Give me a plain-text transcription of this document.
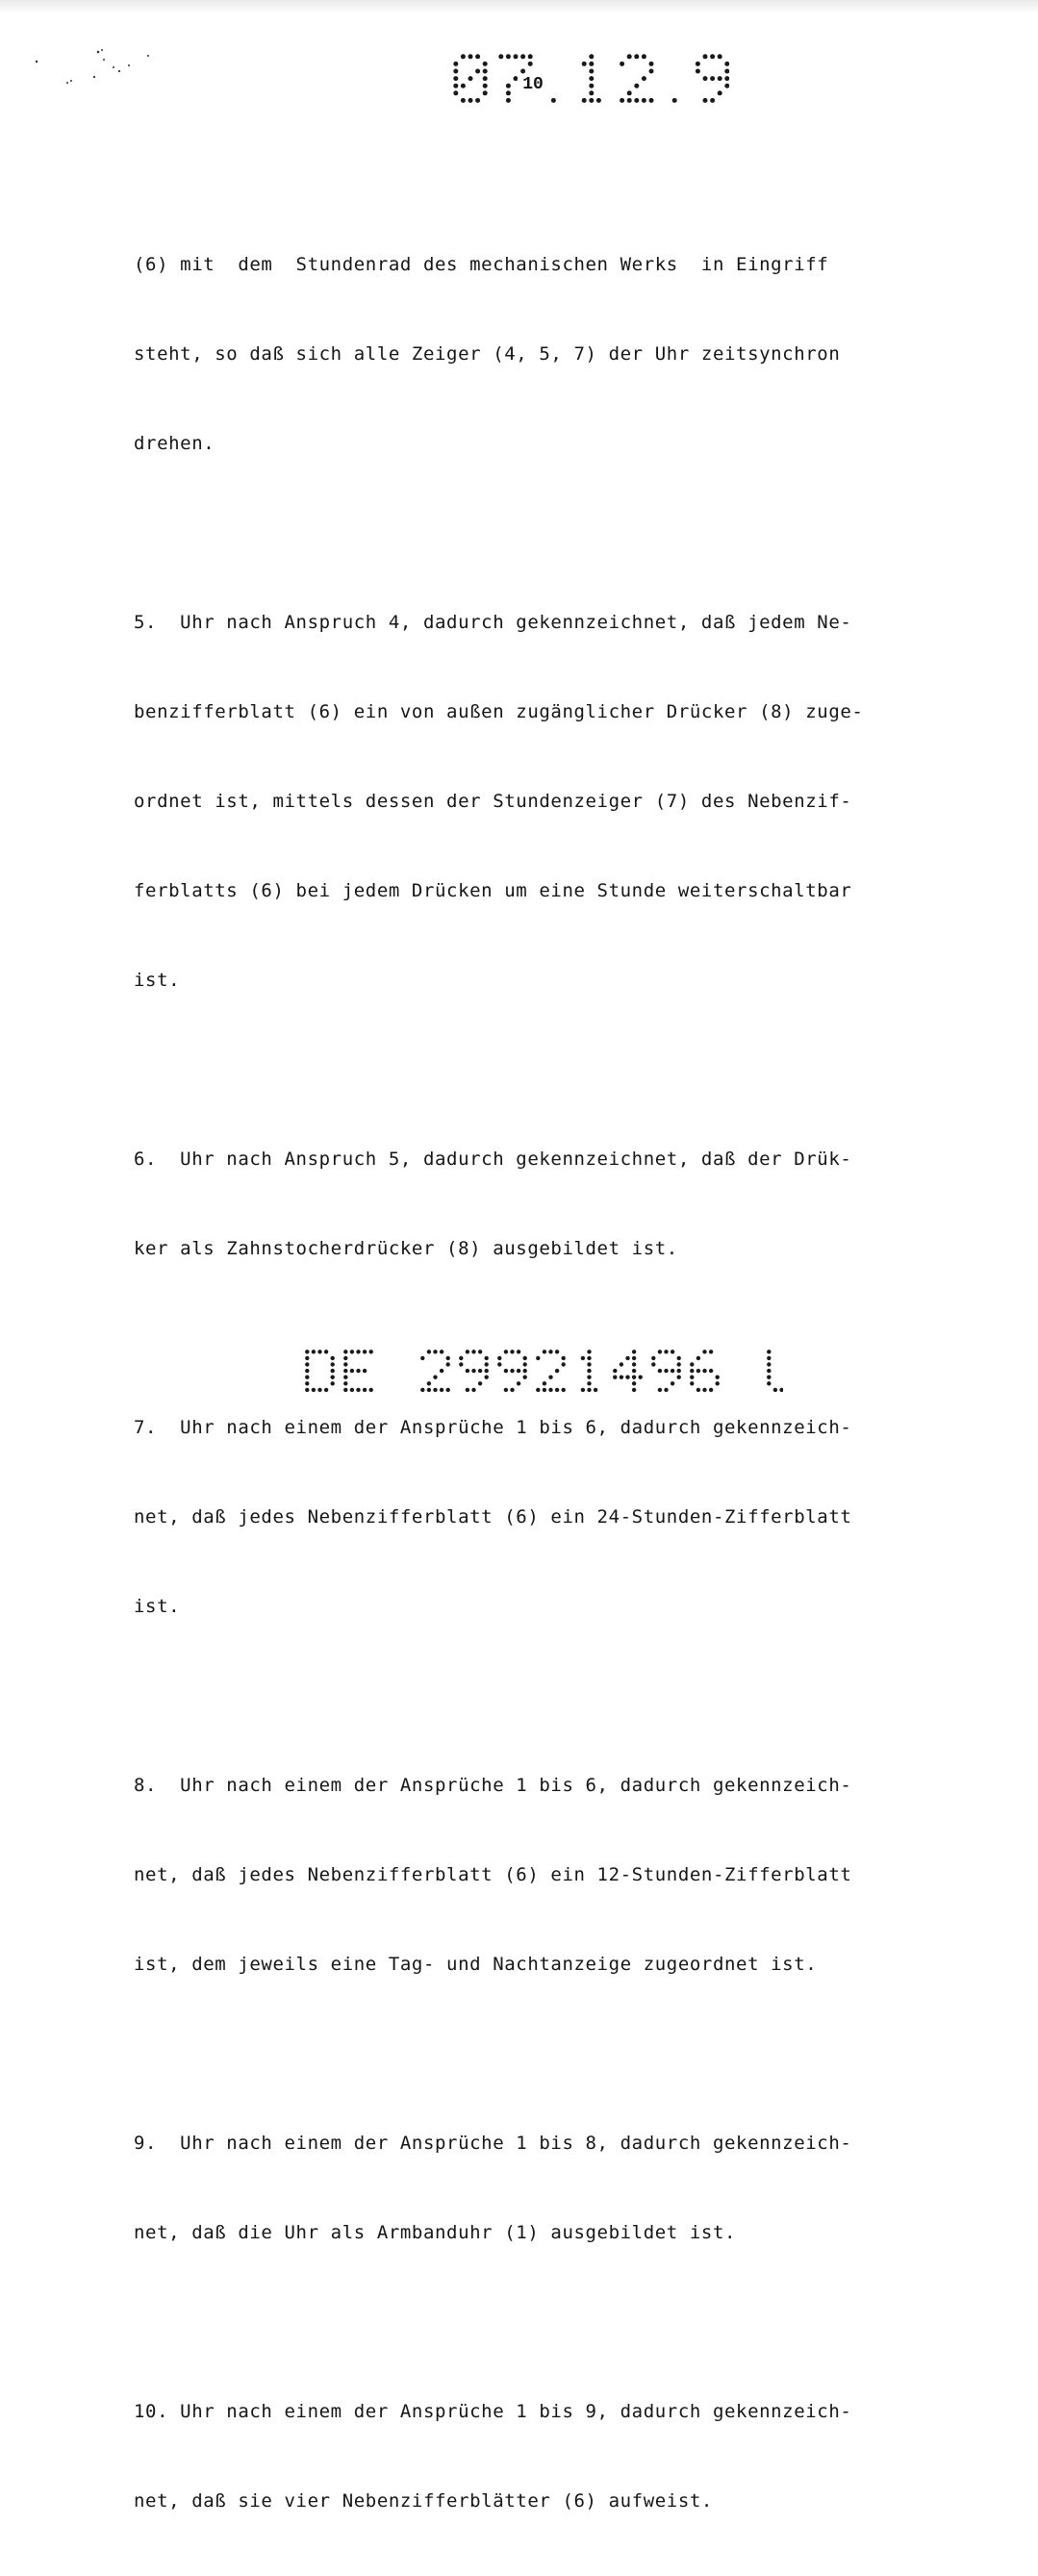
10

(6) mit  dem  Stundenrad des mechanischen Werks  in Eingriff

steht, so daß sich alle Zeiger (4, 5, 7) der Uhr zeitsynchron

drehen.

5.  Uhr nach Anspruch 4, dadurch gekennzeichnet, daß jedem Ne-

benzifferblatt (6) ein von außen zugänglicher Drücker (8) zuge-

ordnet ist, mittels dessen der Stundenzeiger (7) des Nebenzif-

ferblatts (6) bei jedem Drücken um eine Stunde weiterschaltbar

ist.

6.  Uhr nach Anspruch 5, dadurch gekennzeichnet, daß der Drük-

ker als Zahnstocherdrücker (8) ausgebildet ist.

7.  Uhr nach einem der Ansprüche 1 bis 6, dadurch gekennzeich-

net, daß jedes Nebenzifferblatt (6) ein 24-Stunden-Zifferblatt

ist.

8.  Uhr nach einem der Ansprüche 1 bis 6, dadurch gekennzeich-

net, daß jedes Nebenzifferblatt (6) ein 12-Stunden-Zifferblatt

ist, dem jeweils eine Tag- und Nachtanzeige zugeordnet ist.

9.  Uhr nach einem der Ansprüche 1 bis 8, dadurch gekennzeich-

net, daß die Uhr als Armbanduhr (1) ausgebildet ist.

10. Uhr nach einem der Ansprüche 1 bis 9, dadurch gekennzeich-

net, daß sie vier Nebenzifferblätter (6) aufweist.
